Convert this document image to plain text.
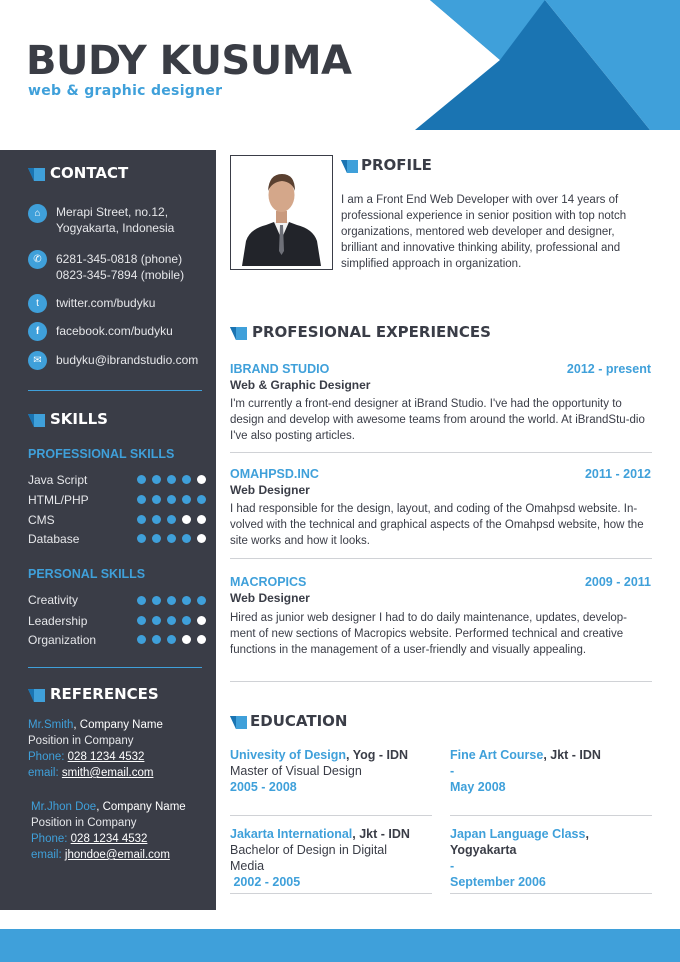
BUDY KUSUMA
web & graphic designer
CONTACT
⌂	Merapi Street, no.12,
Yogyakarta, Indonesia
✆	6281-345-0818 (phone)
0823-345-7894 (mobile)
t	twitter.com/budyku
f	facebook.com/budyku
✉	budyku@ibrandstudio.com
SKILLS
PROFESSIONAL SKILLS
Java Script
HTML/PHP
CMS
Database
PERSONAL SKILLS
Creativity
Leadership
Organization
REFERENCES
Mr.Smith, Company Name
Position in Company
Phone: 028 1234 4532
email: smith@email.com
Mr.Jhon Doe, Company Name
Position in Company
Phone: 028 1234 4532
email: jhondoe@email.com
PROFILE
I am a Front End Web Developer with over 14 years of professional experience in senior position with top notch organizations, mentored web developer and designer, brilliant and innovative thinking ability, professional and simplified approach in organization.
PROFESIONAL EXPERIENCES
IBRAND STUDIO	2012 - present
Web & Graphic Designer
I'm currently a front-end designer at iBrand Studio. I've had the opportunity to design and develop with awesome teams from around the world. At iBrandStu-dio I've also posting articles.
OMAHPSD.INC	2011 - 2012
Web Designer
I had responsible for the design, layout, and coding of the Omahpsd website. In-volved with the technical and graphical aspects of the Omahpsd website, how the site works and how it looks.
MACROPICS	2009 - 2011
Web Designer
Hired as junior web designer I had to do daily maintenance, updates, develop-ment of new sections of Macropics website. Performed technical and creative functions in the management of a user-friendly and visually appealing.
EDUCATION
Univesity of Design, Yog - IDN
Master of Visual Design
2005 - 2008
Fine Art Course, Jkt - IDN
-
May 2008
Jakarta International, Jkt - IDN
Bachelor of Design in Digital Media
2002 - 2005
Japan Language Class, Yogyakarta
-
September 2006
